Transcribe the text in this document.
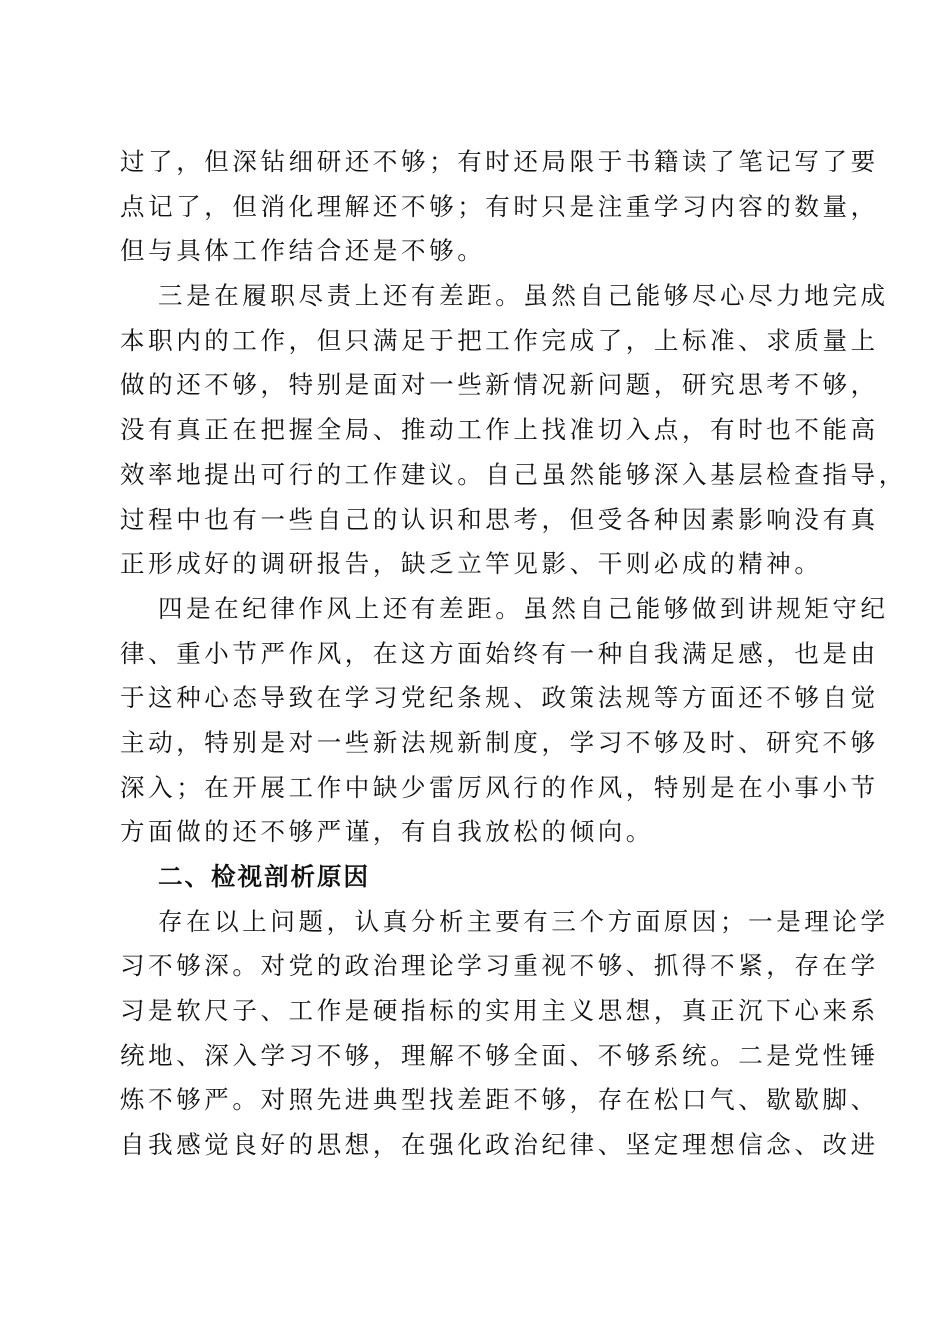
过了，但深钻细研还不够；有时还局限于书籍读了笔记写了要
点记了，但消化理解还不够；有时只是注重学习内容的数量，
但与具体工作结合还是不够。
三是在履职尽责上还有差距。虽然自己能够尽心尽力地完成
本职内的工作，但只满足于把工作完成了，上标准、求质量上
做的还不够，特别是面对一些新情况新问题，研究思考不够，
没有真正在把握全局、推动工作上找准切入点，有时也不能高
效率地提出可行的工作建议。自己虽然能够深入基层检查指导，
过程中也有一些自己的认识和思考，但受各种因素影响没有真
正形成好的调研报告，缺乏立竿见影、干则必成的精神。
四是在纪律作风上还有差距。虽然自己能够做到讲规矩守纪
律、重小节严作风，在这方面始终有一种自我满足感，也是由
于这种心态导致在学习党纪条规、政策法规等方面还不够自觉
主动，特别是对一些新法规新制度，学习不够及时、研究不够
深入；在开展工作中缺少雷厉风行的作风，特别是在小事小节
方面做的还不够严谨，有自我放松的倾向。
二、检视剖析原因
存在以上问题，认真分析主要有三个方面原因；一是理论学
习不够深。对党的政治理论学习重视不够、抓得不紧，存在学
习是软尺子、工作是硬指标的实用主义思想，真正沉下心来系
统地、深入学习不够，理解不够全面、不够系统。二是党性锤
炼不够严。对照先进典型找差距不够，存在松口气、歇歇脚、
自我感觉良好的思想，在强化政治纪律、坚定理想信念、改进
